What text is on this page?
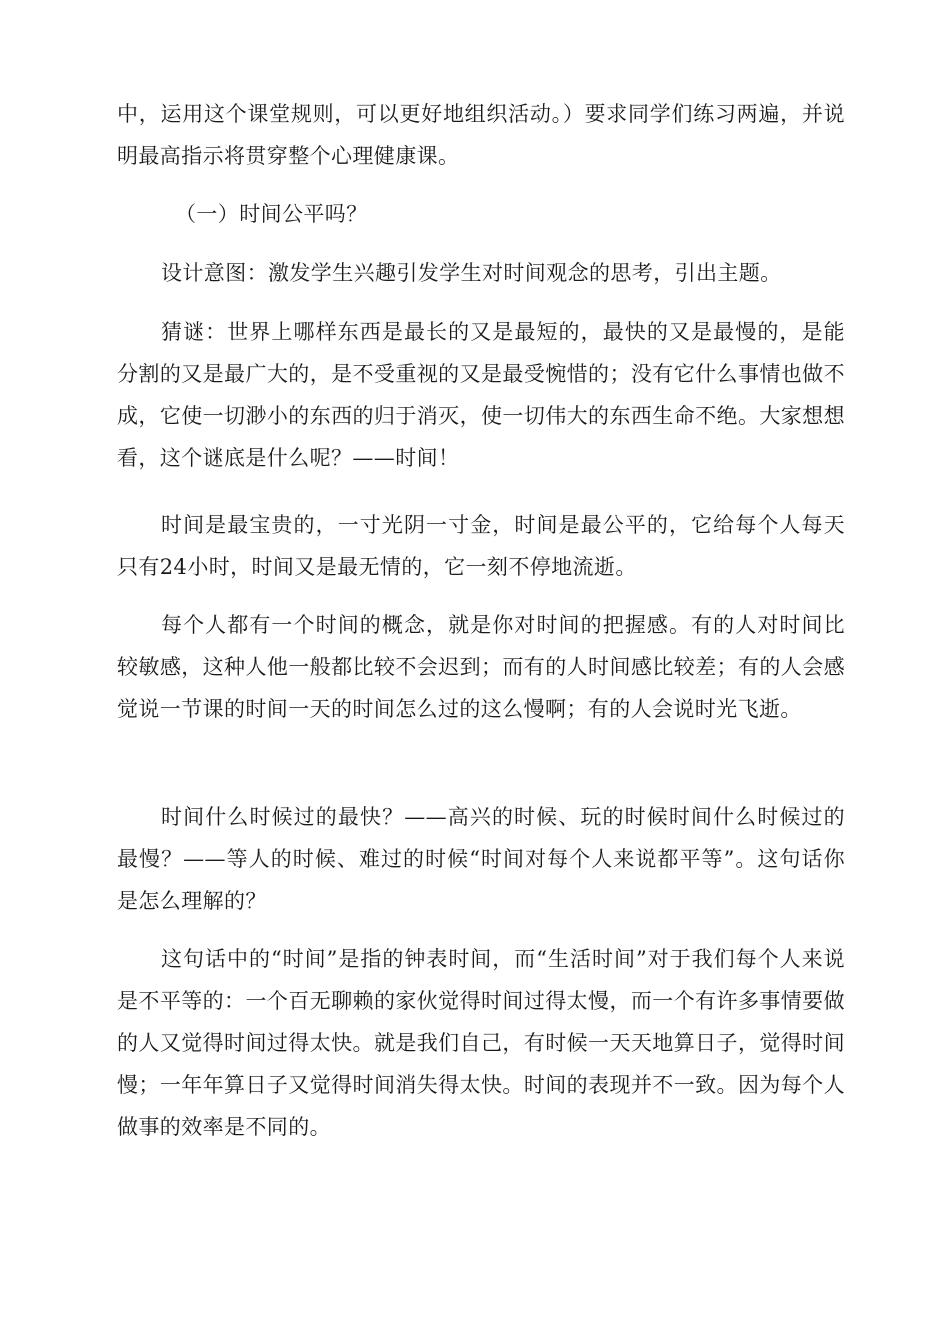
中，运用这个课堂规则，可以更好地组织活动。）要求同学们练习两遍，并说明最高指示将贯穿整个心理健康课。

（一）时间公平吗？

设计意图：激发学生兴趣引发学生对时间观念的思考，引出主题。

猜谜：世界上哪样东西是最长的又是最短的，最快的又是最慢的，是能分割的又是最广大的，是不受重视的又是最受惋惜的；没有它什么事情也做不成，它使一切渺小的东西的归于消灭，使一切伟大的东西生命不绝。大家想想看，这个谜底是什么呢？——时间！

时间是最宝贵的，一寸光阴一寸金，时间是最公平的，它给每个人每天只有24小时，时间又是最无情的，它一刻不停地流逝。

每个人都有一个时间的概念，就是你对时间的把握感。有的人对时间比较敏感，这种人他一般都比较不会迟到；而有的人时间感比较差；有的人会感觉说一节课的时间一天的时间怎么过的这么慢啊；有的人会说时光飞逝。

时间什么时候过的最快？——高兴的时候、玩的时候时间什么时候过的最慢？——等人的时候、难过的时候“时间对每个人来说都平等”。这句话你是怎么理解的？

这句话中的“时间”是指的钟表时间，而“生活时间”对于我们每个人来说是不平等的：一个百无聊赖的家伙觉得时间过得太慢，而一个有许多事情要做的人又觉得时间过得太快。就是我们自己，有时候一天天地算日子，觉得时间慢；一年年算日子又觉得时间消失得太快。时间的表现并不一致。因为每个人做事的效率是不同的。
